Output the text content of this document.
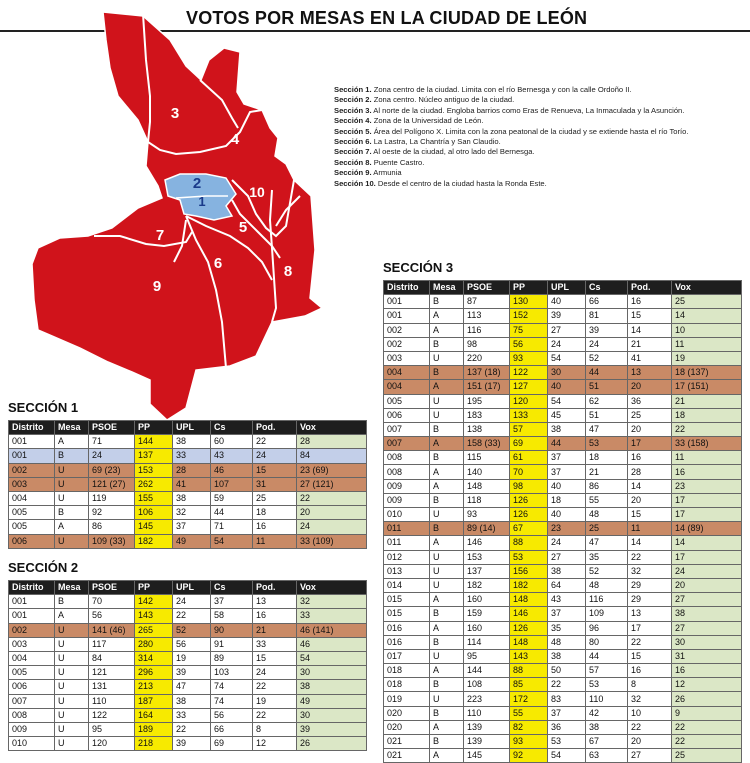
VOTOS POR MESAS EN LA CIUDAD DE LEÓN
1
2
3
4
5
6
7
8
9
10
Sección 1. Zona centro de la ciudad. Limita con el río Bernesga y con la calle Ordoño II.
Sección 2. Zona centro. Núcleo antiguo de la ciudad.
Sección 3. Al norte de la ciudad. Engloba barrios como Eras de Renueva, La Inmaculada y la Asunción.
Sección 4. Zona de la Universidad de León.
Sección 5. Área del Polígono X. Limita con la zona peatonal de la ciudad y se extiende hasta el río Torío.
Sección 6. La Lastra, La Chantría y San Claudio.
Sección 7. Al oeste de la ciudad, al otro lado del Bernesga.
Sección 8. Puente Castro.
Sección 9. Armunia
Sección 10. Desde el centro de la ciudad hasta la Ronda Este.
SECCIÓN 1
Distrito	Mesa	PSOE	PP	UPL	Cs	Pod.	Vox
001	A	71	144	38	60	22	28
001	B	24	137	33	43	24	84
002	U	69 (23)	153	28	46	15	23 (69)
003	U	121 (27)	262	41	107	31	27 (121)
004	U	119	155	38	59	25	22
005	B	92	106	32	44	18	20
005	A	86	145	37	71	16	24
006	U	109 (33)	182	49	54	11	33 (109)
SECCIÓN 2
Distrito	Mesa	PSOE	PP	UPL	Cs	Pod.	Vox
001	B	70	142	24	37	13	32
001	A	56	143	22	58	16	33
002	U	141 (46)	265	52	90	21	46 (141)
003	U	117	280	56	91	33	46
004	U	84	314	19	89	15	54
005	U	121	296	39	103	24	30
006	U	131	213	47	74	22	38
007	U	110	187	38	74	19	49
008	U	122	164	33	56	22	30
009	U	95	189	22	66	8	39
010	U	120	218	39	69	12	26
SECCIÓN 3
Distrito	Mesa	PSOE	PP	UPL	Cs	Pod.	Vox
001	B	87	130	40	66	16	25
001	A	113	152	39	81	15	14
002	A	116	75	27	39	14	10
002	B	98	56	24	24	21	11
003	U	220	93	54	52	41	19
004	B	137 (18)	122	30	44	13	18 (137)
004	A	151 (17)	127	40	51	20	17 (151)
005	U	195	120	54	62	36	21
006	U	183	133	45	51	25	18
007	B	138	57	38	47	20	22
007	A	158 (33)	69	44	53	17	33 (158)
008	B	115	61	37	18	16	11
008	A	140	70	37	21	28	16
009	A	148	98	40	86	14	23
009	B	118	126	18	55	20	17
010	U	93	126	40	48	15	17
011	B	89 (14)	67	23	25	11	14 (89)
011	A	146	88	24	47	14	14
012	U	153	53	27	35	22	17
013	U	137	156	38	52	32	24
014	U	182	182	64	48	29	20
015	A	160	148	43	116	29	27
015	B	159	146	37	109	13	38
016	A	160	126	35	96	17	27
016	B	114	148	48	80	22	30
017	U	95	143	38	44	15	31
018	A	144	88	50	57	16	16
018	B	108	85	22	53	8	12
019	U	223	172	83	110	32	26
020	B	110	55	37	42	10	9
020	A	139	82	36	38	22	22
021	B	139	93	53	67	20	22
021	A	145	92	54	63	27	25
